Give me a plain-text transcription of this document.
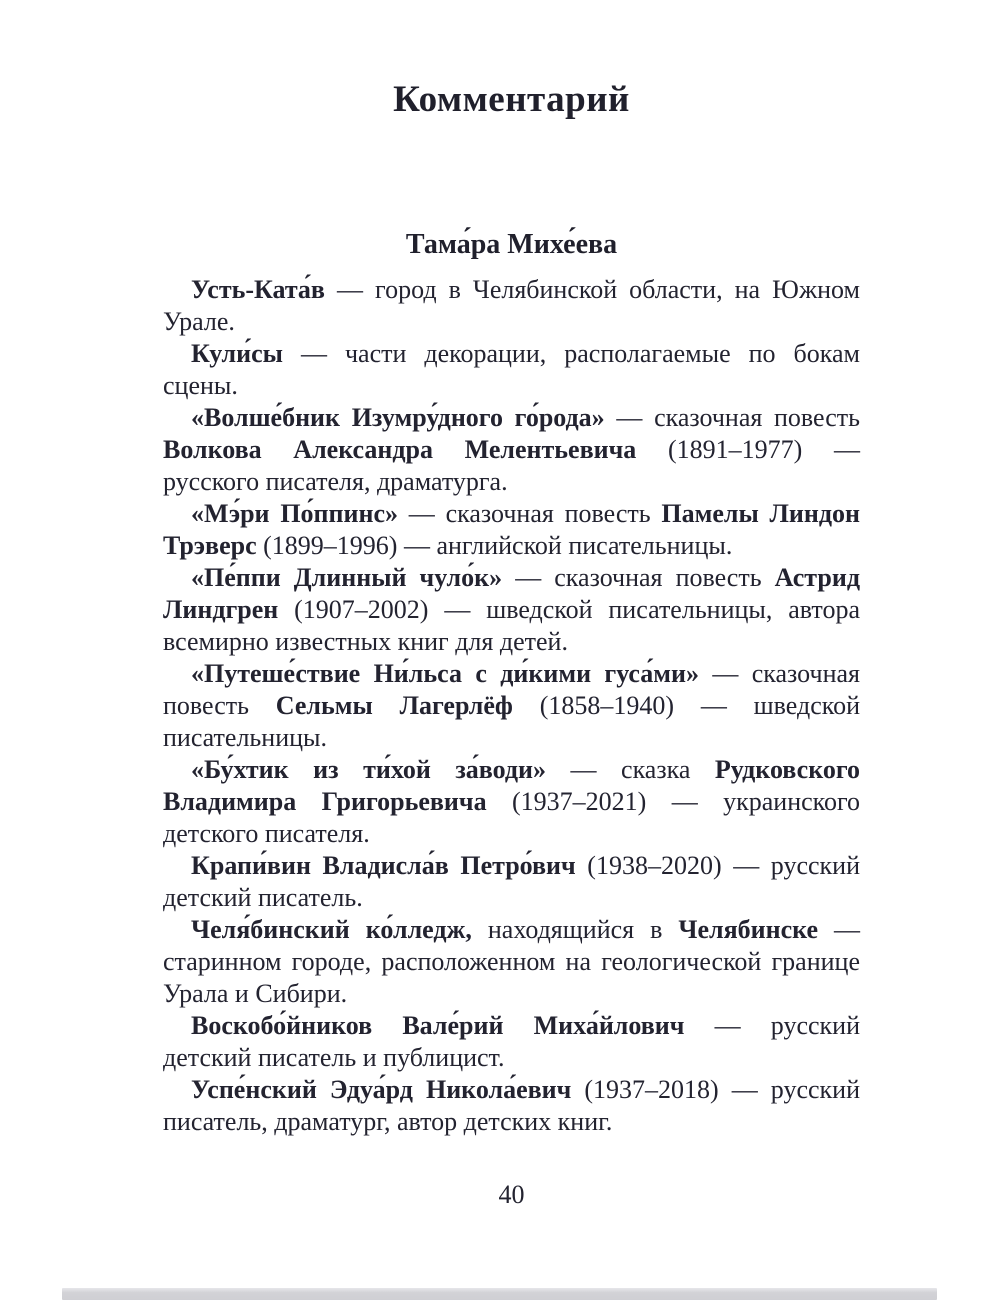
Комментарий
Тама́ра Михе́ева

Усть-Ката́в — город в Челябинской области, на Южном Урале.

Кули́сы — части декорации, располагаемые по бокам сцены.

«Волше́бник Изумру́дного го́рода» — сказочная повесть Волкова Александра Мелентьевича (1891–1977) — русского писателя, драматурга.

«Мэ́ри По́ппинс» — сказочная повесть Памелы Линдон Трэверс (1899–1996) — английской писательницы.

«Пе́ппи Длинный чуло́к» — сказочная повесть Астрид Линдгрен (1907–2002) — шведской писательницы, автора всемирно известных книг для детей.

«Путеше́ствие Ни́льса с ди́кими гуса́ми» — сказочная повесть Сельмы Лагерлёф (1858–1940) — шведской писательницы.

«Бу́хтик из ти́хой за́води» — сказка Рудковского Владимира Григорьевича (1937–2021) — украинского детского писателя.

Крапи́вин Владисла́в Петро́вич (1938–2020) — русский детский писатель.

Челя́бинский ко́лледж, находящийся в Челябинске — старинном городе, расположенном на геологической границе Урала и Сибири.

Воскобо́йников Вале́рий Миха́йлович — русский детский писатель и публицист.

Успе́нский Эдуа́рд Никола́евич (1937–2018) — русский писатель, драматург, автор детских книг.

40
